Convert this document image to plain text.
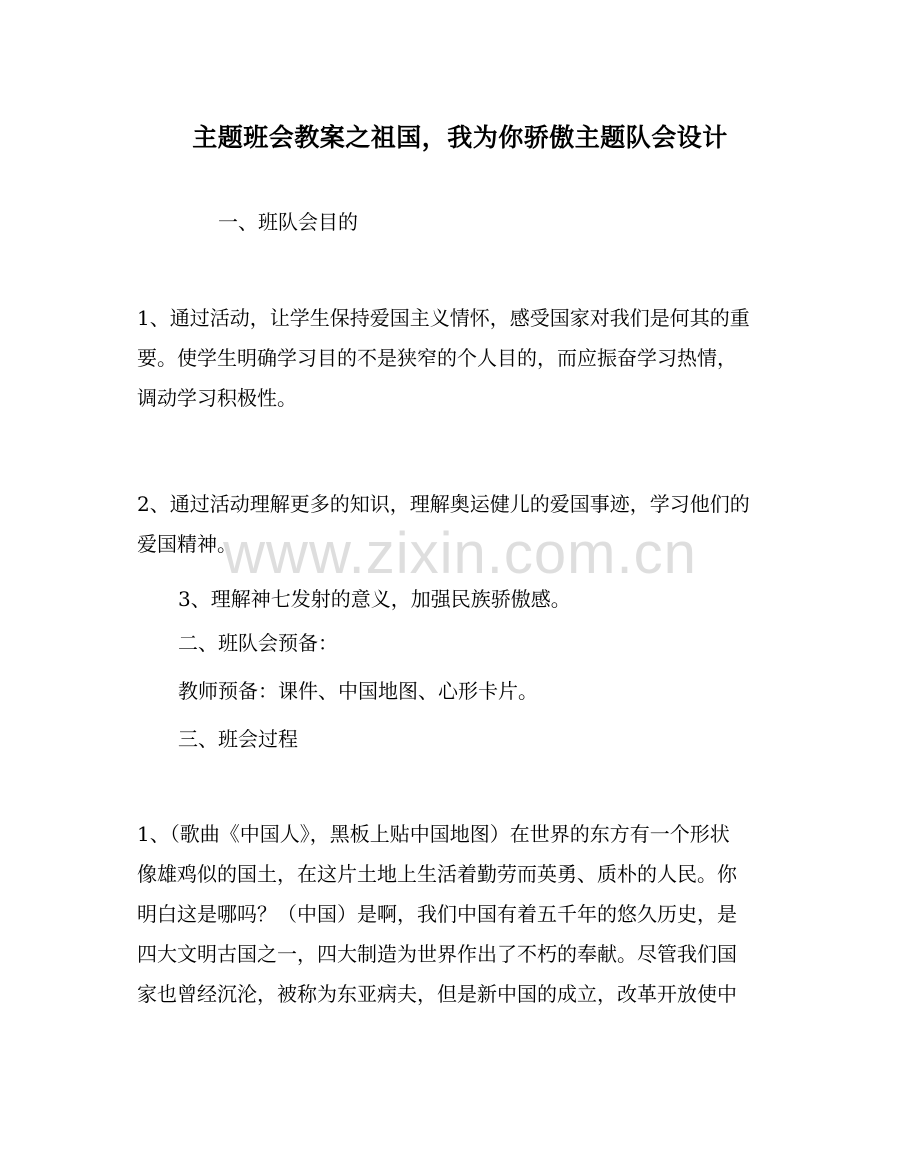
主题班会教案之祖国，我为你骄傲主题队会设计
一、班队会目的
1、通过活动，让学生保持爱国主义情怀，感受国家对我们是何其的重
要。使学生明确学习目的不是狭窄的个人目的，而应振奋学习热情，
调动学习积极性。
2、通过活动理解更多的知识，理解奥运健儿的爱国事迹，学习他们的
爱国精神。
3、理解神七发射的意义，加强民族骄傲感。
二、班队会预备：
教师预备：课件、中国地图、心形卡片。
三、班会过程
1、（歌曲《中国人》，黑板上贴中国地图）在世界的东方有一个形状
像雄鸡似的国土，在这片土地上生活着勤劳而英勇、质朴的人民。你
明白这是哪吗？（中国）是啊，我们中国有着五千年的悠久历史，是
四大文明古国之一，四大制造为世界作出了不朽的奉献。尽管我们国
家也曾经沉沦，被称为东亚病夫，但是新中国的成立，改革开放使中
www.zixin.com.cn
